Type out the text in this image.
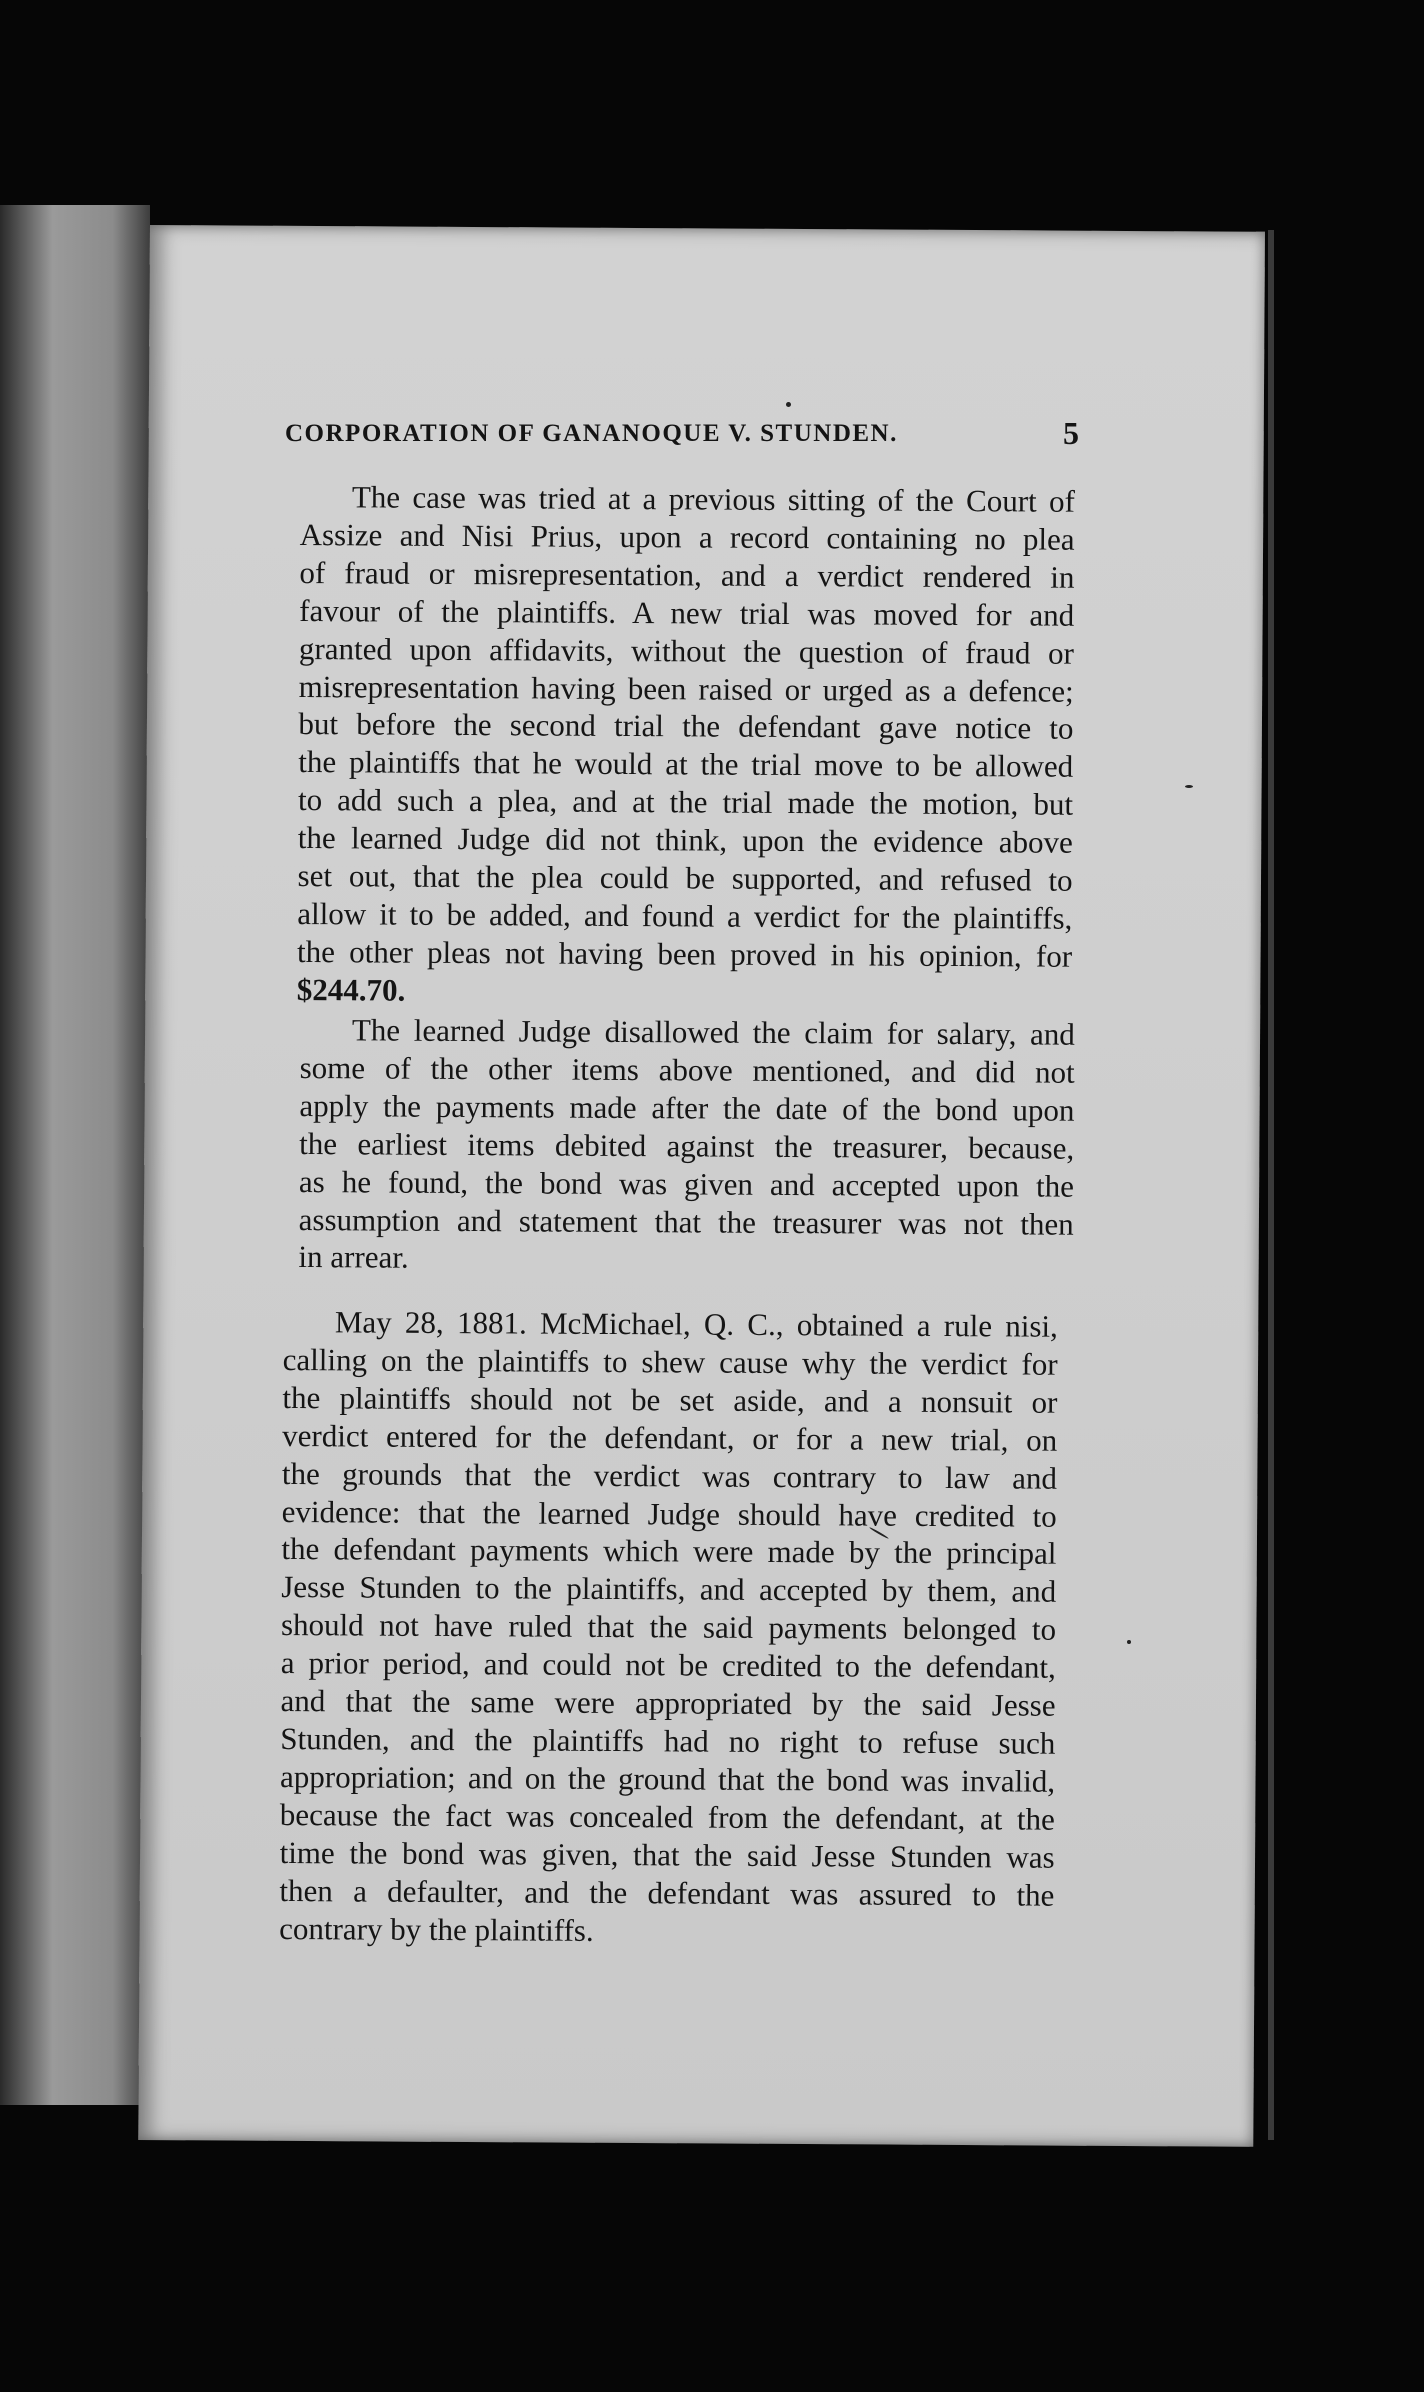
CORPORATION OF GANANOQUE V. STUNDEN.	5
The case was tried at a previous sitting of the Court of
Assize and Nisi Prius, upon a record containing no plea
of fraud or misrepresentation, and a verdict rendered in
favour of the plaintiffs. A new trial was moved for and
granted upon affidavits, without the question of fraud or
misrepresentation having been raised or urged as a defence;
but before the second trial the defendant gave notice to
the plaintiffs that he would at the trial move to be allowed
to add such a plea, and at the trial made the motion, but
the learned Judge did not think, upon the evidence above
set out, that the plea could be supported, and refused to
allow it to be added, and found a verdict for the plaintiffs,
the other pleas not having been proved in his opinion, for
$244.70.
The learned Judge disallowed the claim for salary, and
some of the other items above mentioned, and did not
apply the payments made after the date of the bond upon
the earliest items debited against the treasurer, because,
as he found, the bond was given and accepted upon the
assumption and statement that the treasurer was not then
in arrear.
May 28, 1881. McMichael, Q. C., obtained a rule nisi,
calling on the plaintiffs to shew cause why the verdict for
the plaintiffs should not be set aside, and a nonsuit or
verdict entered for the defendant, or for a new trial, on
the grounds that the verdict was contrary to law and
evidence: that the learned Judge should have credited to
the defendant payments which were made by the principal
Jesse Stunden to the plaintiffs, and accepted by them, and
should not have ruled that the said payments belonged to
a prior period, and could not be credited to the defendant,
and that the same were appropriated by the said Jesse
Stunden, and the plaintiffs had no right to refuse such
appropriation; and on the ground that the bond was invalid,
because the fact was concealed from the defendant, at the
time the bond was given, that the said Jesse Stunden was
then a defaulter, and the defendant was assured to the
contrary by the plaintiffs.
